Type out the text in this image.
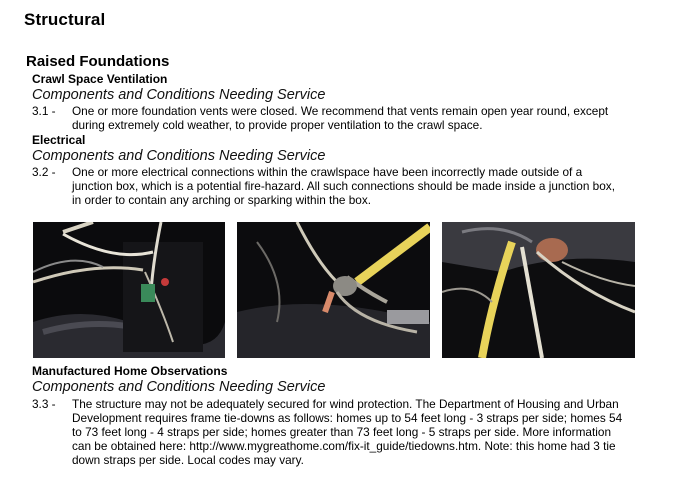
Structural
Raised Foundations
Crawl Space Ventilation
Components and Conditions Needing Service
3.1 -	One or more foundation vents were closed. We recommend that vents remain open year round, except
during extremely cold weather, to provide proper ventilation to the crawl space.
Electrical
Components and Conditions Needing Service
3.2 -	One or more electrical connections within the crawlspace have been incorrectly made outside of a
junction box, which is a potential fire-hazard. All such connections should be made inside a junction box,
in order to contain any arching or sparking within the box.
Manufactured Home Observations
Components and Conditions Needing Service
3.3 -	The structure may not be adequately secured for wind protection. The Department of Housing and Urban
Development requires frame tie-downs as follows: homes up to 54 feet long - 3 straps per side; homes 54
to 73 feet long - 4 straps per side; homes greater than 73 feet long - 5 straps per side. More information
can be obtained here: http://www.mygreathome.com/fix-it_guide/tiedowns.htm. Note: this home had 3 tie
down straps per side. Local codes may vary.
